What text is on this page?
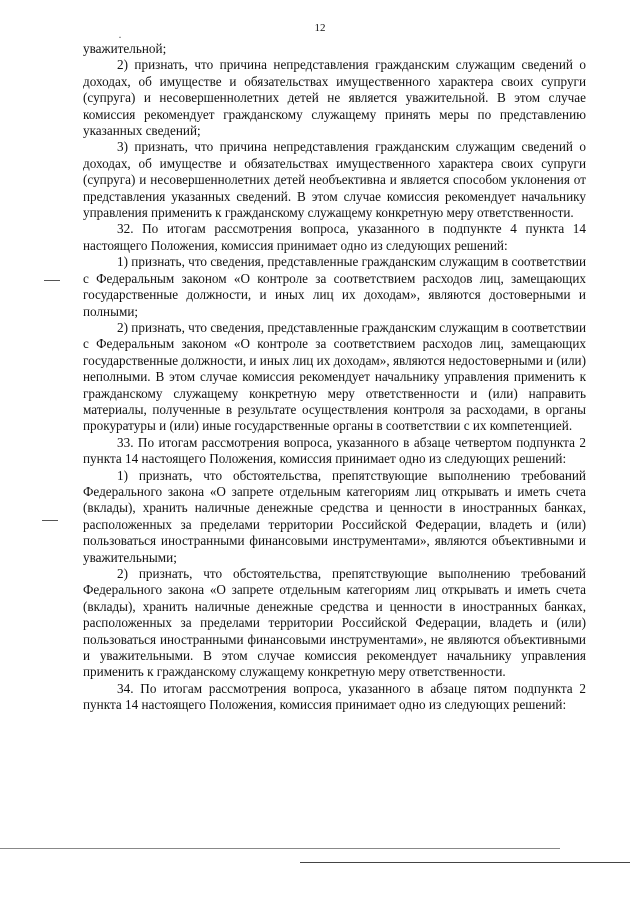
12

уважительной;

2) признать, что причина непредставления гражданским служащим сведений о доходах, об имуществе и обязательствах имущественного характера своих супруги (супруга) и несовершеннолетних детей не является уважительной. В этом случае комиссия рекомендует гражданскому служащему принять меры по представлению указанных сведений;

3) признать, что причина непредставления гражданским служащим сведений о доходах, об имуществе и обязательствах имущественного характера своих супруги (супруга) и несовершеннолетних детей необъективна и является способом уклонения от представления указанных сведений. В этом случае комиссия рекомендует начальнику управления применить к гражданскому служащему конкретную меру ответственности.

32. По итогам рассмотрения вопроса, указанного в подпункте 4 пункта 14 настоящего Положения, комиссия принимает одно из следующих решений:

1) признать, что сведения, представленные гражданским служащим в соответствии с Федеральным законом «О контроле за соответствием расходов лиц, замещающих государственные должности, и иных лиц их доходам», являются достоверными и полными;

2) признать, что сведения, представленные гражданским служащим в соответствии с Федеральным законом «О контроле за соответствием расходов лиц, замещающих государственные должности, и иных лиц их доходам», являются недостоверными и (или) неполными. В этом случае комиссия рекомендует начальнику управления применить к гражданскому служащему конкретную меру ответственности и (или) направить материалы, полученные в результате осуществления контроля за расходами, в органы прокуратуры и (или) иные государственные органы в соответствии с их компетенцией.

33. По итогам рассмотрения вопроса, указанного в абзаце четвертом подпункта 2 пункта 14 настоящего Положения, комиссия принимает одно из следующих решений:

1) признать, что обстоятельства, препятствующие выполнению требований Федерального закона «О запрете отдельным категориям лиц открывать и иметь счета (вклады), хранить наличные денежные средства и ценности в иностранных банках, расположенных за пределами территории Российской Федерации, владеть и (или) пользоваться иностранными финансовыми инструментами», являются объективными и уважительными;

2) признать, что обстоятельства, препятствующие выполнению требований Федерального закона «О запрете отдельным категориям лиц открывать и иметь счета (вклады), хранить наличные денежные средства и ценности в иностранных банках, расположенных за пределами территории Российской Федерации, владеть и (или) пользоваться иностранными финансовыми инструментами», не являются объективными и уважительными. В этом случае комиссия рекомендует начальнику управления применить к гражданскому служащему конкретную меру ответственности.

34. По итогам рассмотрения вопроса, указанного в абзаце пятом подпункта 2 пункта 14 настоящего Положения, комиссия принимает одно из следующих решений:

·
